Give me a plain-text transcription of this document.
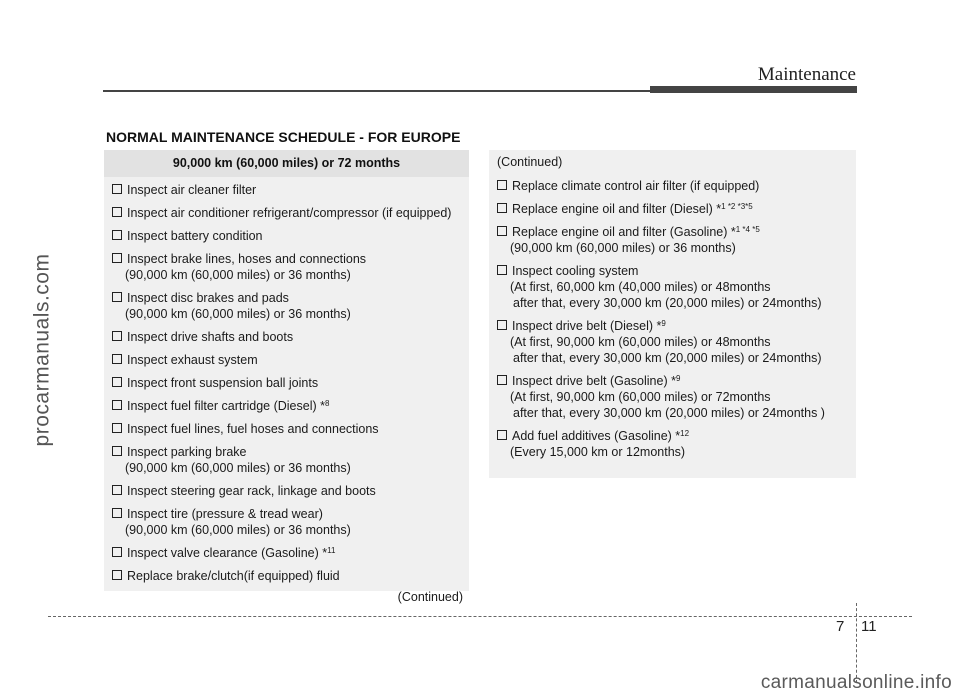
procarmanuals.com
Maintenance
NORMAL MAINTENANCE SCHEDULE - FOR EUROPE
90,000 km (60,000 miles) or 72 months
Inspect air cleaner filter
Inspect air conditioner refrigerant/compressor (if equipped)
Inspect battery condition
Inspect brake lines, hoses and connections
(90,000 km (60,000 miles) or 36 months)
Inspect disc brakes and pads
(90,000 km (60,000 miles) or 36 months)
Inspect drive shafts and boots
Inspect exhaust system
Inspect front suspension ball joints
Inspect fuel filter cartridge (Diesel) *$^8$
Inspect fuel lines, fuel hoses and connections
Inspect parking brake
(90,000 km (60,000 miles) or 36 months)
Inspect steering gear rack, linkage and boots
Inspect tire (pressure & tread wear)
(90,000 km (60,000 miles) or 36 months)
Inspect valve clearance (Gasoline) *$^{11}$
Replace brake/clutch(if equipped) fluid
(Continued)
(Continued)
Replace climate control air filter (if equipped)
Replace engine oil and filter (Diesel) *$^{1 *2 *3*5}$
Replace engine oil and filter (Gasoline) *$^{1 *4 *5}$
(90,000 km (60,000 miles) or 36 months)
Inspect cooling system
(At first, 60,000 km (40,000 miles) or 48months
after that, every 30,000 km (20,000 miles) or 24months)
Inspect drive belt (Diesel) *$^9$
(At first, 90,000 km (60,000 miles) or 48months
after that, every 30,000 km (20,000 miles) or 24months)
Inspect drive belt (Gasoline) *$^9$
(At first, 90,000 km (60,000 miles) or 72months
after that, every 30,000 km (20,000 miles) or 24months )
Add fuel additives (Gasoline) *$^{12}$
(Every 15,000 km or 12months)
7 11
carmanualsonline.info
